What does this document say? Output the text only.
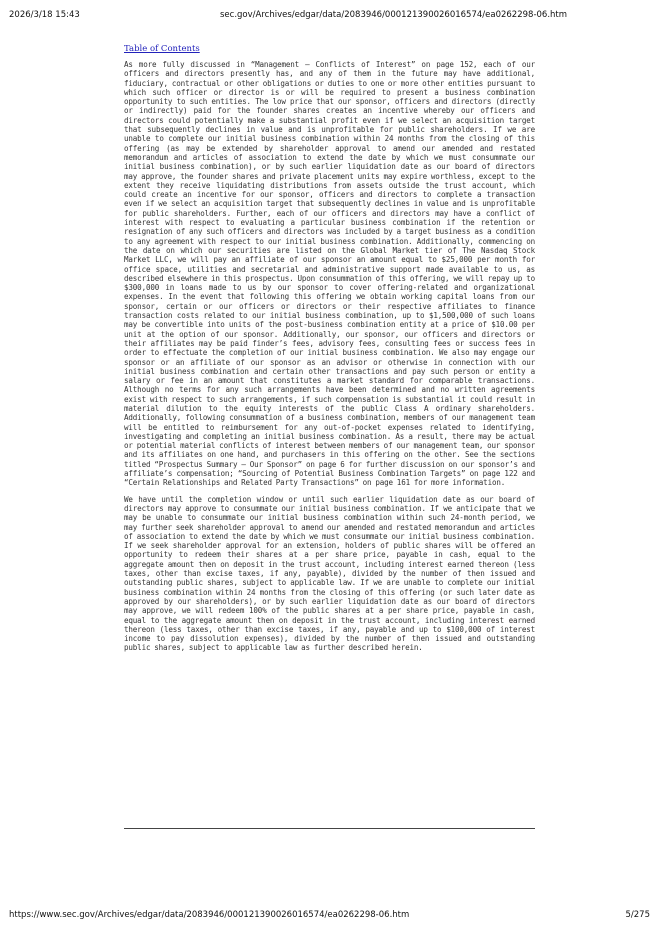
2026/3/18 15:43	sec.gov/Archives/edgar/data/2083946/000121390026016574/ea0262298-06.htm
Table of Contents

As more fully discussed in “Management — Conflicts of Interest” on page 152, each of our officers and directors presently has, and any of them in the future may have additional, fiduciary, contractual or other obligations or duties to one or more other entities pursuant to which such officer or director is or will be required to present a business combination opportunity to such entities. The low price that our sponsor, officers and directors (directly or indirectly) paid for the founder shares creates an incentive whereby our officers and directors could potentially make a substantial profit even if we select an acquisition target that subsequently declines in value and is unprofitable for public shareholders. If we are unable to complete our initial business combination within 24 months from the closing of this offering (as may be extended by shareholder approval to amend our amended and restated memorandum and articles of association to extend the date by which we must consummate our initial business combination), or by such earlier liquidation date as our board of directors may approve, the founder shares and private placement units may expire worthless, except to the extent they receive liquidating distributions from assets outside the trust account, which could create an incentive for our sponsor, officers and directors to complete a transaction even if we select an acquisition target that subsequently declines in value and is unprofitable for public shareholders. Further, each of our officers and directors may have a conflict of interest with respect to evaluating a particular business combination if the retention or resignation of any such officers and directors was included by a target business as a condition to any agreement with respect to our initial business combination. Additionally, commencing on the date on which our securities are listed on the Global Market tier of The Nasdaq Stock Market LLC, we will pay an affiliate of our sponsor an amount equal to $25,000 per month for office space, utilities and secretarial and administrative support made available to us, as described elsewhere in this prospectus. Upon consummation of this offering, we will repay up to $300,000 in loans made to us by our sponsor to cover offering-related and organizational expenses. In the event that following this offering we obtain working capital loans from our sponsor, certain or our officers or directors or their respective affiliates to finance transaction costs related to our initial business combination, up to $1,500,000 of such loans may be convertible into units of the post-business combination entity at a price of $10.00 per unit at the option of our sponsor. Additionally, our sponsor, our officers and directors or their affiliates may be paid finder’s fees, advisory fees, consulting fees or success fees in order to effectuate the completion of our initial business combination. We also may engage our sponsor or an affiliate of our sponsor as an advisor or otherwise in connection with our initial business combination and certain other transactions and pay such person or entity a salary or fee in an amount that constitutes a market standard for comparable transactions. Although no terms for any such arrangements have been determined and no written agreements exist with respect to such arrangements, if such compensation is substantial it could result in material dilution to the equity interests of the public Class A ordinary shareholders. Additionally, following consummation of a business combination, members of our management team will be entitled to reimbursement for any out-of-pocket expenses related to identifying, investigating and completing an initial business combination. As a result, there may be actual or potential material conflicts of interest between members of our management team, our sponsor and its affiliates on one hand, and purchasers in this offering on the other. See the sections titled “Prospectus Summary — Our Sponsor” on page 6 for further discussion on our sponsor’s and affiliate’s compensation; “Sourcing of Potential Business Combination Targets” on page 122 and “Certain Relationships and Related Party Transactions” on page 161 for more information.

We have until the completion window or until such earlier liquidation date as our board of directors may approve to consummate our initial business combination. If we anticipate that we may be unable to consummate our initial business combination within such 24-month period, we may further seek shareholder approval to amend our amended and restated memorandum and articles of association to extend the date by which we must consummate our initial business combination. If we seek shareholder approval for an extension, holders of public shares will be offered an opportunity to redeem their shares at a per share price, payable in cash, equal to the aggregate amount then on deposit in the trust account, including interest earned thereon (less taxes, other than excise taxes, if any, payable), divided by the number of then issued and outstanding public shares, subject to applicable law. If we are unable to complete our initial business combination within 24 months from the closing of this offering (or such later date as approved by our shareholders), or by such earlier liquidation date as our board of directors may approve, we will redeem 100% of the public shares at a per share price, payable in cash, equal to the aggregate amount then on deposit in the trust account, including interest earned thereon (less taxes, other than excise taxes, if any, payable and up to $100,000 of interest income to pay dissolution expenses), divided by the number of then issued and outstanding public shares, subject to applicable law as further described herein.

https://www.sec.gov/Archives/edgar/data/2083946/000121390026016574/ea0262298-06.htm	5/275
